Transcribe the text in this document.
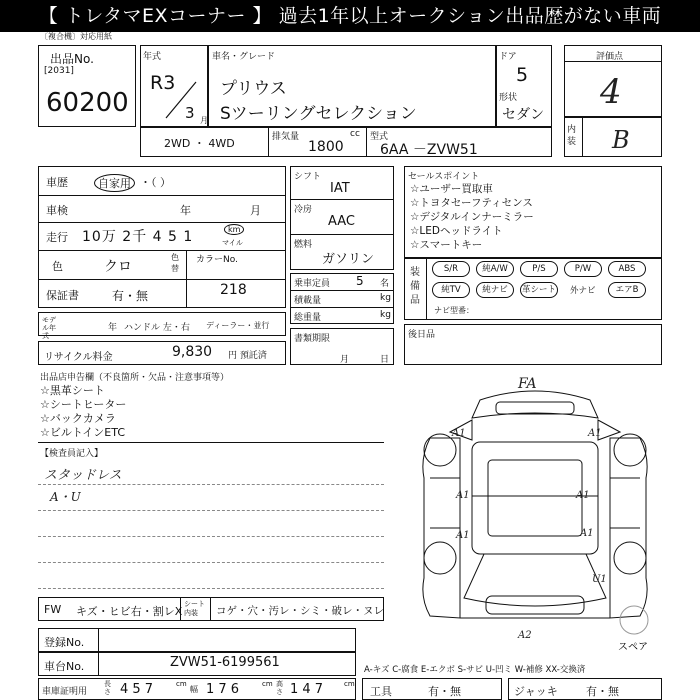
【 トレタマEXコーナー 】 過去1年以上オークション出品歴がない車両
〔複合機〕対応用紙
出品No.
[2031]
60200
年式
R3
3 月
車名・グレード
プリウス
Sツーリングセレクション
ドア
5
形状
セダン
評価点
4
内装 B
2WD ・ 4WD	排気量	cc
1800
型式
6AA －ZVW51
車歴	自家用 ・（ ）
車検	年	月
走行 10万 2千 4 5 1	km
マイル
色	クロ
色替
カラーNo.
218
保証書	有・無
モデル年式
年 ハンドル 左・右 ディーラー・並行
リサイクル料金	9,830 円 預託済
シフト
IAT
冷房
AAC
燃料
ガソリン
乗車定員 5 名
積載量	kg
総重量	kg
書類期限
月	日
セールスポイント
☆ユーザー買取車
☆トヨタセーフティセンス
☆デジタルインナーミラー
☆LEDヘッドライト
☆スマートキー
装備品
S/R	純A/W	P/S	P/W	ABS
純TV	純ナビ	革シート 外ナビ	エアB
ナビ型番：
後日品
出品店申告欄（不良箇所・欠品・注意事項等）
☆黒革シート
☆シートヒーター
☆バックカメラ
☆ビルトインETC
【検査員記入】
スタッドレス
A・U
FA
A1	A1
A1	A1
A1	A1
U1
A2
スペア
FW キズ・ヒビ右・割レX
シート内装	コゲ・穴・汚レ・シミ・破レ・ヌレ
登録No.
車台No.	ZVW51-6199561	A-キズ C-腐食 E-エクボ S-サビ U-凹ミ W-補修 XX-交換済
車庫証明用
長さ 4 5 7	cm
幅 1 7 6	cm 高さ 1 4 7	cm
工具	有・無	ジャッキ	有・無
